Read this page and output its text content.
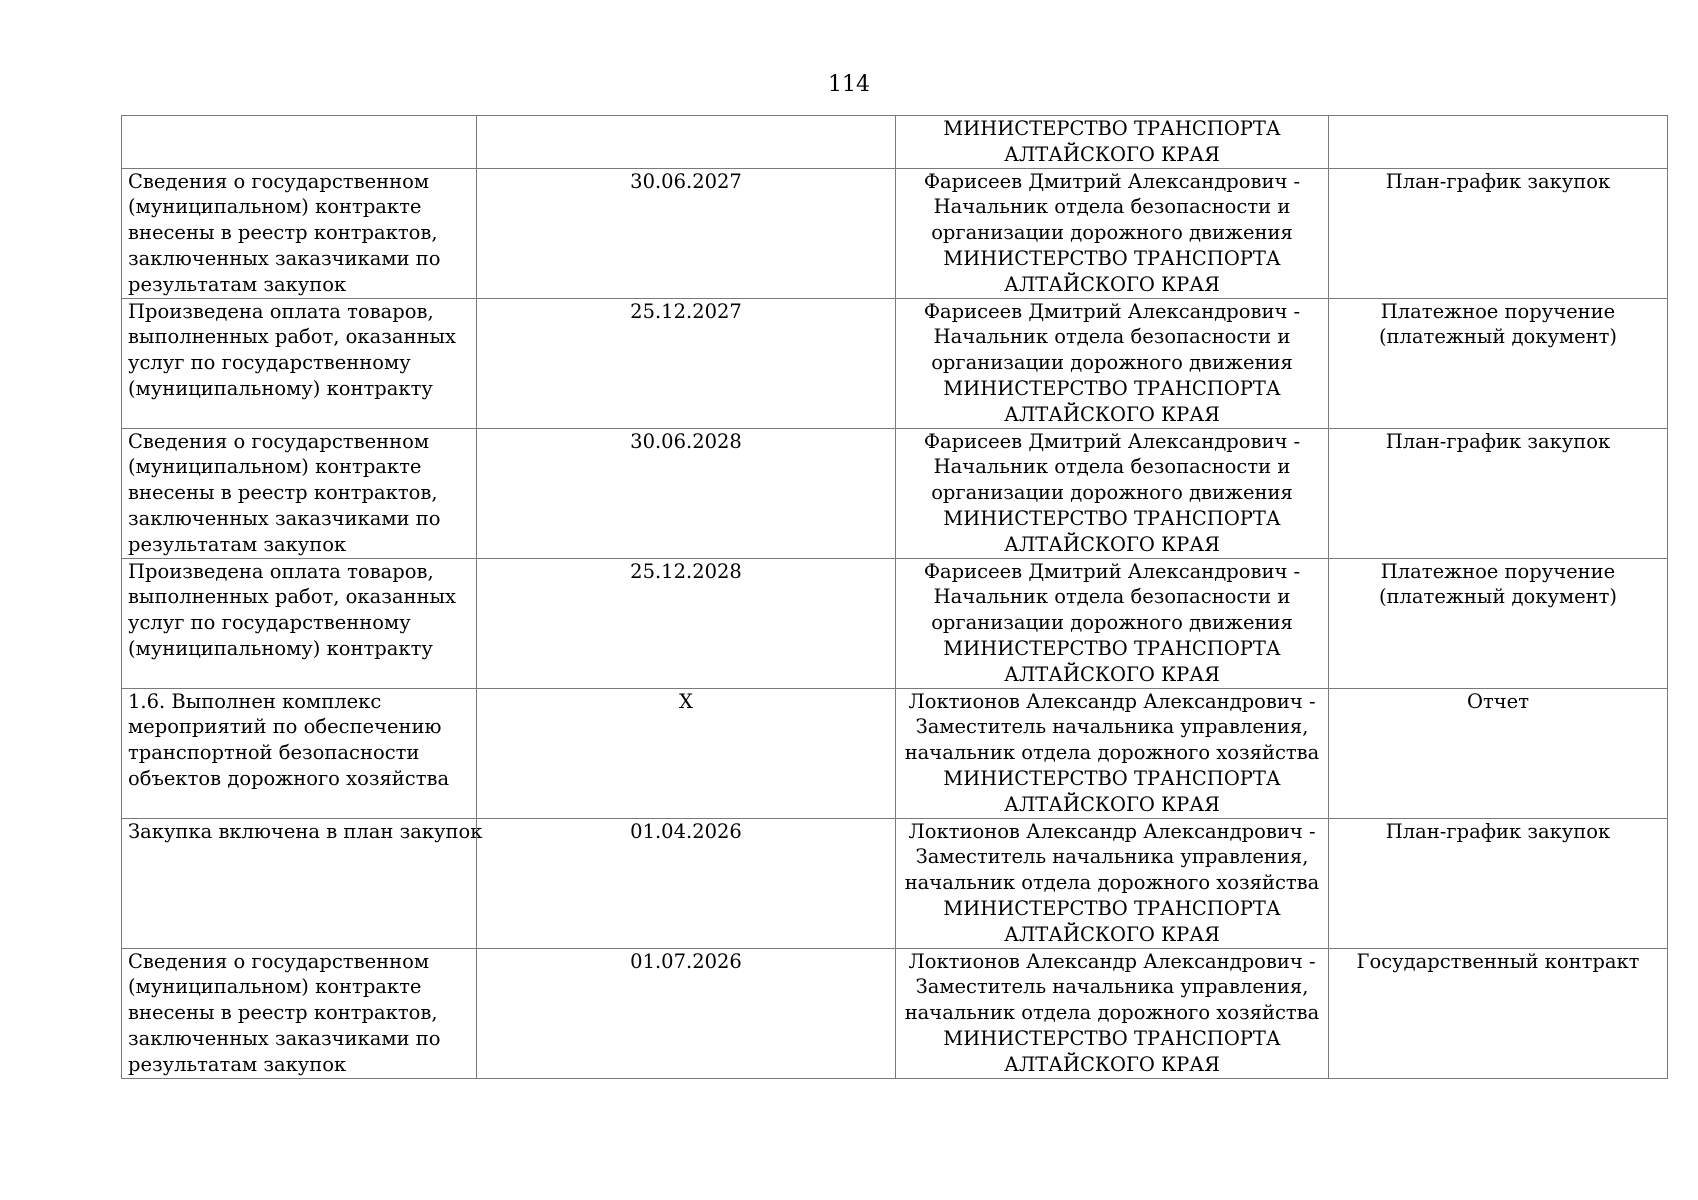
114

		МИНИСТЕРСТВО ТРАНСПОРТА
АЛТАЙСКОГО КРАЯ	

Сведения о государственном
(муниципальном) контракте
внесены в реестр контрактов,
заключенных заказчиками по
результатам закупок	30.06.2027	Фарисеев Дмитрий Александрович -
Начальник отдела безопасности и
организации дорожного движения
МИНИСТЕРСТВО ТРАНСПОРТА
АЛТАЙСКОГО КРАЯ	План-график закупок

Произведена оплата товаров,
выполненных работ, оказанных
услуг по государственному
(муниципальному) контракту	25.12.2027	Фарисеев Дмитрий Александрович -
Начальник отдела безопасности и
организации дорожного движения
МИНИСТЕРСТВО ТРАНСПОРТА
АЛТАЙСКОГО КРАЯ	Платежное поручение
(платежный документ)

Сведения о государственном
(муниципальном) контракте
внесены в реестр контрактов,
заключенных заказчиками по
результатам закупок	30.06.2028	Фарисеев Дмитрий Александрович -
Начальник отдела безопасности и
организации дорожного движения
МИНИСТЕРСТВО ТРАНСПОРТА
АЛТАЙСКОГО КРАЯ	План-график закупок

Произведена оплата товаров,
выполненных работ, оказанных
услуг по государственному
(муниципальному) контракту	25.12.2028	Фарисеев Дмитрий Александрович -
Начальник отдела безопасности и
организации дорожного движения
МИНИСТЕРСТВО ТРАНСПОРТА
АЛТАЙСКОГО КРАЯ	Платежное поручение
(платежный документ)

1.6. Выполнен комплекс
мероприятий по обеспечению
транспортной безопасности
объектов дорожного хозяйства	X	Локтионов Александр Александрович -
Заместитель начальника управления,
начальник отдела дорожного хозяйства
МИНИСТЕРСТВО ТРАНСПОРТА
АЛТАЙСКОГО КРАЯ	Отчет

Закупка включена в план закупок	01.04.2026	Локтионов Александр Александрович -
Заместитель начальника управления,
начальник отдела дорожного хозяйства
МИНИСТЕРСТВО ТРАНСПОРТА
АЛТАЙСКОГО КРАЯ	План-график закупок

Сведения о государственном
(муниципальном) контракте
внесены в реестр контрактов,
заключенных заказчиками по
результатам закупок	01.07.2026	Локтионов Александр Александрович -
Заместитель начальника управления,
начальник отдела дорожного хозяйства
МИНИСТЕРСТВО ТРАНСПОРТА
АЛТАЙСКОГО КРАЯ	Государственный контракт
